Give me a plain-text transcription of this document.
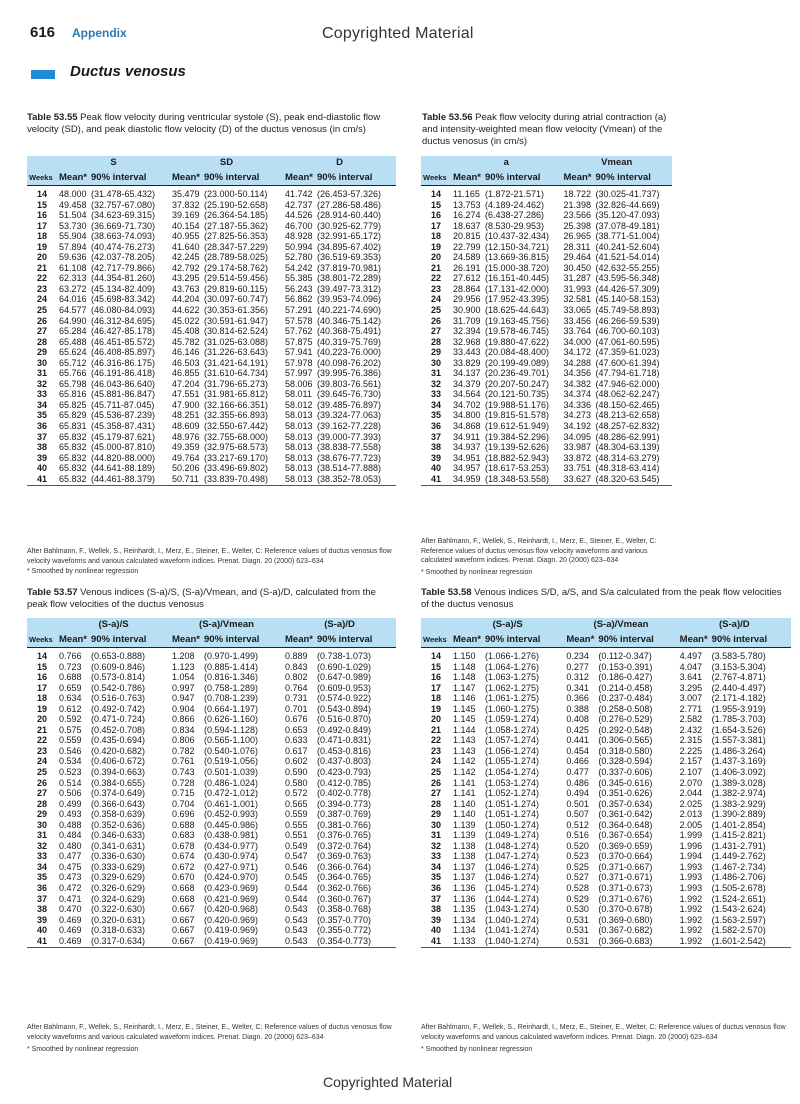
616 Appendix	Copyrighted Material
Ductus venosus
Table 53.55 Peak flow velocity during ventricular systole (S), peak end-diastolic flow velocity (SD), and peak diastolic flow velocity (D) of the ductus venosus (in cm/s)
	S		SD		D	
Weeks	Mean*	90% interval	Mean*	90% interval	Mean*	90% interval
14	48.000	(31.478-65.432)	35.479	(23.000-50.114)	41.742	(26.453-57.326)
15	49.458	(32.757-67.080)	37.832	(25.190-52.658)	42.737	(27.286-58.486)
16	51.504	(34.623-69.315)	39.169	(26.364-54.185)	44.526	(28.914-60.440)
17	53.730	(36.669-71.730)	40.154	(27.187-55.362)	46.700	(30.925-62.779)
18	55.904	(38.663-74.093)	40.955	(27.825-56.353)	48.928	(32.991-65.172)
19	57.894	(40.474-76.273)	41.640	(28.347-57.229)	50.994	(34.895-67.402)
20	59.636	(42.037-78.205)	42.245	(28.789-58.025)	52.780	(36.519-69.353)
21	61.108	(42.717-79.866)	42.792	(29.174-58.762)	54.242	(37.819-70.981)
22	62.313	(44.354-81.260)	43.295	(29.514-59.456)	55.385	(38.801-72.289)
23	63.272	(45.134-82.409)	43.763	(29.819-60.115)	56.243	(39.497-73.312)
24	64.016	(45.698-83.342)	44.204	(30.097-60.747)	56.862	(39.953-74.096)
25	64.577	(46.080-84.093)	44.622	(30.353-61.356)	57.291	(40.221-74.690)
26	64.990	(46.312-84.695)	45.022	(30.591-61.947)	57.578	(40.346-75.142)
27	65.284	(46.427-85.178)	45.408	(30.814-62.524)	57.762	(40.368-75.491)
28	65.488	(46.451-85.572)	45.782	(31.025-63.088)	57.875	(40.319-75.769)
29	65.624	(46.408-85.897)	46.146	(31.226-63.643)	57.941	(40.223-76.000)
30	65.712	(46.316-86.175)	46.503	(31.421-64.191)	57.978	(40.098-76.202)
31	65.766	(46.191-86.418)	46.855	(31.610-64.734)	57.997	(39.995-76.386)
32	65.798	(46.043-86.640)	47.204	(31.796-65.273)	58.006	(39.803-76.561)
33	65.816	(45.881-86.847)	47.551	(31.981-65.812)	58.011	(39.645-76.730)
34	65.825	(45.711-87.045)	47.900	(32.166-66.351)	58.012	(39.485-76.897)
35	65.829	(45.536-87.239)	48.251	(32.355-66.893)	58.013	(39.324-77.063)
36	65.831	(45.358-87.431)	48.609	(32.550-67.442)	58.013	(39.162-77.228)
37	65.832	(45.179-87.621)	48.976	(32.755-68.000)	58.013	(39.000-77.393)
38	65.832	(45.000-87.810)	49.359	(32.975-68.573)	58.013	(38.838-77.558)
39	65.832	(44.820-88.000)	49.764	(33.217-69.170)	58.013	(38.676-77.723)
40	65.832	(44.641-88.189)	50.206	(33.496-69.802)	58.013	(38.514-77.888)
41	65.832	(44.461-88.379)	50.711	(33.839-70.498)	58.013	(38.352-78.053)
After Bahlmann, F., Wellek, S., Reinhardt, I., Merz, E., Steiner, E., Welter, C: Reference values of ductus venosus flow velocity waveforms and various calculated waveform indices. Prenat. Diagn. 20 (2000) 623–634
* Smoothed by nonlinear regression
Table 53.56 Peak flow velocity during atrial contraction (a) and intensity-weighted mean flow velocity (Vmean) of the ductus venosus (in cm/s)
	a		Vmean	
Weeks	Mean*	90% interval	Mean*	90% interval
14	11.165	(1.872-21.571)	18.722	(30.025-41.737)
15	13.753	(4.189-24.462)	21.398	(32.826-44.669)
16	16.274	(6.438-27.286)	23.566	(35.120-47.093)
17	18.637	(8.530-29.953)	25.398	(37.078-49.181)
18	20.815	(10.437-32.434)	26.965	(38.771-51.004)
19	22.799	(12.150-34.721)	28.311	(40.241-52.604)
20	24.589	(13.669-36.815)	29.464	(41.521-54.014)
21	26.191	(15.000-38.720)	30.450	(42.632-55.255)
22	27.612	(16.151-40.445)	31.287	(43.595-56.348)
23	28.864	(17.131-42.000)	31.993	(44.426-57.309)
24	29.956	(17.952-43.395)	32.581	(45.140-58.153)
25	30.900	(18.625-44.643)	33.065	(45.749-58.893)
26	31.709	(19.163-45.756)	33.456	(46.266-59.539)
27	32.394	(19.578-46.745)	33.764	(46.700-60.103)
28	32.968	(19.880-47.622)	34.000	(47.061-60.595)
29	33.443	(20.084-48.400)	34.172	(47.359-61.023)
30	33.829	(20.199-49.089)	34.288	(47.600-61.394)
31	34.137	(20.236-49.701)	34.356	(47.794-61.718)
32	34.379	(20.207-50.247)	34.382	(47.946-62.000)
33	34.564	(20.121-50.735)	34.374	(48.062-62.247)
34	34.702	(19.988-51.176)	34.336	(48.150-62.465)
35	34.800	(19.815-51.578)	34.273	(48.213-62.658)
36	34.868	(19.612-51.949)	34.192	(48.257-62.832)
37	34.911	(19.384-52.296)	34.095	(48.286-62.991)
38	34.937	(19.139-52.626)	33.987	(48.304-63.139)
39	34.951	(18.882-52.943)	33.872	(48.314-63.279)
40	34.957	(18.617-53.253)	33.751	(48.318-63.414)
41	34.959	(18.348-53.558)	33.627	(48.320-63.545)
After Bahlmann, F., Wellek, S., Reinhardt, I., Merz, E., Steiner, E., Welter, C: Reference values of ductus venosus flow velocity waveforms and various calculated waveform indices. Prenat. Diagn. 20 (2000) 623–634
* Smoothed by nonlinear regression
Table 53.57 Venous indices (S-a)/S, (S-a)/Vmean, and (S-a)/D, calculated from the peak flow velocities of the ductus venosus
	(S-a)/S		(S-a)/Vmean		(S-a)/D	
Weeks	Mean*	90% interval	Mean*	90% interval	Mean*	90% interval
14	0.766	(0.653-0.888)	1.208	(0.970-1.499)	0.889	(0.738-1.073)
15	0.723	(0.609-0.846)	1.123	(0.885-1.414)	0.843	(0.690-1.029)
16	0.688	(0.573-0.814)	1.054	(0.816-1.346)	0.802	(0.647-0.989)
17	0.659	(0.542-0.786)	0.997	(0.758-1.289)	0.764	(0.609-0.953)
18	0.634	(0.516-0.763)	0.947	(0.708-1.239)	0.731	(0.574-0.922)
19	0.612	(0.492-0.742)	0.904	(0.664-1.197)	0.701	(0.543-0.894)
20	0.592	(0.471-0.724)	0.866	(0.626-1.160)	0.676	(0.516-0.870)
21	0.575	(0.452-0.708)	0.834	(0.594-1.128)	0.653	(0.492-0.849)
22	0.559	(0.435-0.694)	0.806	(0.565-1.100)	0.633	(0.471-0.831)
23	0.546	(0.420-0.682)	0.782	(0.540-1.076)	0.617	(0.453-0.816)
24	0.534	(0.406-0.672)	0.761	(0.519-1.056)	0.602	(0.437-0.803)
25	0.523	(0.394-0.663)	0.743	(0.501-1.039)	0.590	(0.423-0.793)
26	0.514	(0.384-0.655)	0.728	(0.486-1.024)	0.580	(0.412-0.785)
27	0.506	(0.374-0.649)	0.715	(0.472-1.012)	0.572	(0.402-0.778)
28	0.499	(0.366-0.643)	0.704	(0.461-1.001)	0.565	(0.394-0.773)
29	0.493	(0.358-0.639)	0.696	(0.452-0.993)	0.559	(0.387-0.769)
30	0.488	(0.352-0.636)	0.688	(0.445-0.986)	0.555	(0.381-0.766)
31	0.484	(0.346-0.633)	0.683	(0.438-0.981)	0.551	(0.376-0.765)
32	0.480	(0.341-0.631)	0.678	(0.434-0.977)	0.549	(0.372-0.764)
33	0.477	(0.336-0.630)	0.674	(0.430-0.974)	0.547	(0.369-0.763)
34	0.475	(0.333-0.629)	0.672	(0.427-0.971)	0.546	(0.366-0.764)
35	0.473	(0.329-0.629)	0.670	(0.424-0.970)	0.545	(0.364-0.765)
36	0.472	(0.326-0.629)	0.668	(0.423-0.969)	0.544	(0.362-0.766)
37	0.471	(0.324-0.629)	0.668	(0.421-0.969)	0.544	(0.360-0.767)
38	0.470	(0.322-0.630)	0.667	(0.420-0.968)	0.543	(0.358-0.768)
39	0.469	(0.320-0.631)	0.667	(0.420-0.969)	0.543	(0.357-0.770)
40	0.469	(0.318-0.633)	0.667	(0.419-0.969)	0.543	(0.355-0.772)
41	0.469	(0.317-0.634)	0.667	(0.419-0.969)	0.543	(0.354-0.773)
After Bahlmann, F., Wellek, S., Reinhardt, I., Merz, E., Steiner, E., Welter, C: Reference values of ductus venosus flow velocity waveforms and various calculated waveform indices. Prenat. Diagn. 20 (2000) 623–634
* Smoothed by nonlinear regression
Table 53.58 Venous indices S/D, a/S, and S/a calculated from the peak flow velocities of the ductus venosus
	(S-a)/S		(S-a)/Vmean		(S-a)/D	
Weeks	Mean*	90% interval	Mean*	90% interval	Mean*	90% interval
14	1.150	(1.066-1.276)	0.234	(0.112-0.347)	4.497	(3.583-5.780)
15	1.148	(1.064-1.276)	0.277	(0.153-0.391)	4.047	(3.153-5.304)
16	1.148	(1.063-1.275)	0.312	(0.186-0.427)	3.641	(2.767-4.871)
17	1.147	(1.062-1.275)	0.341	(0.214-0.458)	3.295	(2.440-4.497)
18	1.146	(1.061-1.275)	0.366	(0.237-0.484)	3.007	(2.171-4.182)
19	1.145	(1.060-1.275)	0.388	(0.258-0.508)	2.771	(1.955-3.919)
20	1.145	(1.059-1.274)	0.408	(0.276-0.529)	2.582	(1.785-3.703)
21	1.144	(1.058-1.274)	0.425	(0.292-0.548)	2.432	(1.654-3.526)
22	1.143	(1.057-1.274)	0.441	(0.306-0.565)	2.315	(1.557-3.381)
23	1.143	(1.056-1.274)	0.454	(0.318-0.580)	2.225	(1.486-3.264)
24	1.142	(1.055-1.274)	0.466	(0.328-0.594)	2.157	(1.437-3.169)
25	1.142	(1.054-1.274)	0.477	(0.337-0.606)	2.107	(1.406-3.092)
26	1.141	(1.053-1.274)	0.486	(0.345-0.616)	2.070	(1.389-3.028)
27	1.141	(1.052-1.274)	0.494	(0.351-0.626)	2.044	(1.382-2.974)
28	1.140	(1.051-1.274)	0.501	(0.357-0.634)	2.025	(1.383-2.929)
29	1.140	(1.051-1.274)	0.507	(0.361-0.642)	2.013	(1.390-2.889)
30	1.139	(1.050-1.274)	0.512	(0.364-0.648)	2.005	(1.401-2.854)
31	1.139	(1.049-1.274)	0.516	(0.367-0.654)	1.999	(1.415-2.821)
32	1.138	(1.048-1.274)	0.520	(0.369-0.659)	1.996	(1.431-2.791)
33	1.138	(1.047-1.274)	0.523	(0.370-0.664)	1.994	(1.449-2.762)
34	1.137	(1.046-1.274)	0.525	(0.371-0.667)	1.993	(1.467-2.734)
35	1.137	(1.046-1.274)	0.527	(0.371-0.671)	1.993	(1.486-2.706)
36	1.136	(1.045-1.274)	0.528	(0.371-0.673)	1.993	(1.505-2.678)
37	1.136	(1.044-1.274)	0.529	(0.371-0.676)	1.992	(1.524-2.651)
38	1.135	(1.043-1.274)	0.530	(0.370-0.678)	1.992	(1.543-2.624)
39	1.134	(1.040-1.274)	0.531	(0.369-0.680)	1.992	(1.563-2.597)
40	1.134	(1.041-1.274)	0.531	(0.367-0.682)	1.992	(1.582-2.570)
41	1.133	(1.040-1.274)	0.531	(0.366-0.683)	1.992	(1.601-2.542)
After Bahlmann, F., Wellek, S., Reinhardt, I., Merz, E., Steiner, E., Welter, C: Reference values of ductus venosus flow velocity waveforms and various calculated waveform indices. Prenat. Diagn. 20 (2000) 623–634
* Smoothed by nonlinear regression
Copyrighted Material
